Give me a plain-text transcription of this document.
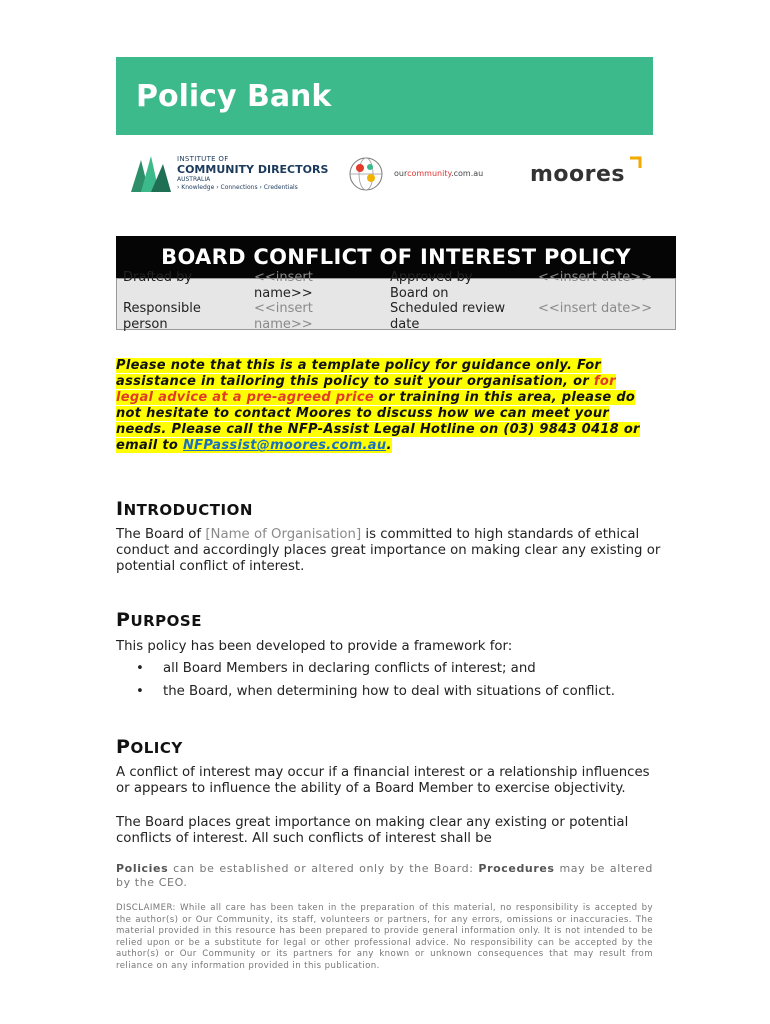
Policy Bank
INSTITUTE OF
COMMUNITY DIRECTORS
AUSTRALIA
› Knowledge › Connections › Credentials
ourcommunity.com.au moores
BOARD CONFLICT OF INTEREST POLICY
Drafted by	<<insert
name>>
Approved by
Board on
<<insert date>>
Responsible
person
<<insert
name>>
Scheduled review
date
<<insert date>>
Please note that this is a template policy for guidance only. For assistance in tailoring this policy to suit your organisation, or for legal advice at a pre-agreed price or training in this area, please do not hesitate to contact Moores to discuss how we can meet your needs. Please call the NFP-Assist Legal Hotline on (03) 9843 0418 or email to NFPassist@moores.com.au.
INTRODUCTION
The Board of [Name of Organisation] is committed to high standards of ethical conduct and accordingly places great importance on making clear any existing or potential conflict of interest.
PURPOSE
This policy has been developed to provide a framework for:
• all Board Members in declaring conflicts of interest; and
• the Board, when determining how to deal with situations of conflict.
POLICY
A conflict of interest may occur if a financial interest or a relationship influences or appears to influence the ability of a Board Member to exercise objectivity.
The Board places great importance on making clear any existing or potential conflicts of interest. All such conflicts of interest shall be
Policies can be established or altered only by the Board: Procedures may be altered by the CEO.
DISCLAIMER: While all care has been taken in the preparation of this material, no responsibility is accepted by the author(s) or Our Community, its staff, volunteers or partners, for any errors, omissions or inaccuracies. The material provided in this resource has been prepared to provide general information only. It is not intended to be relied upon or be a substitute for legal or other professional advice. No responsibility can be accepted by the author(s) or Our Community or its partners for any known or unknown consequences that may result from reliance on any information provided in this publication.
